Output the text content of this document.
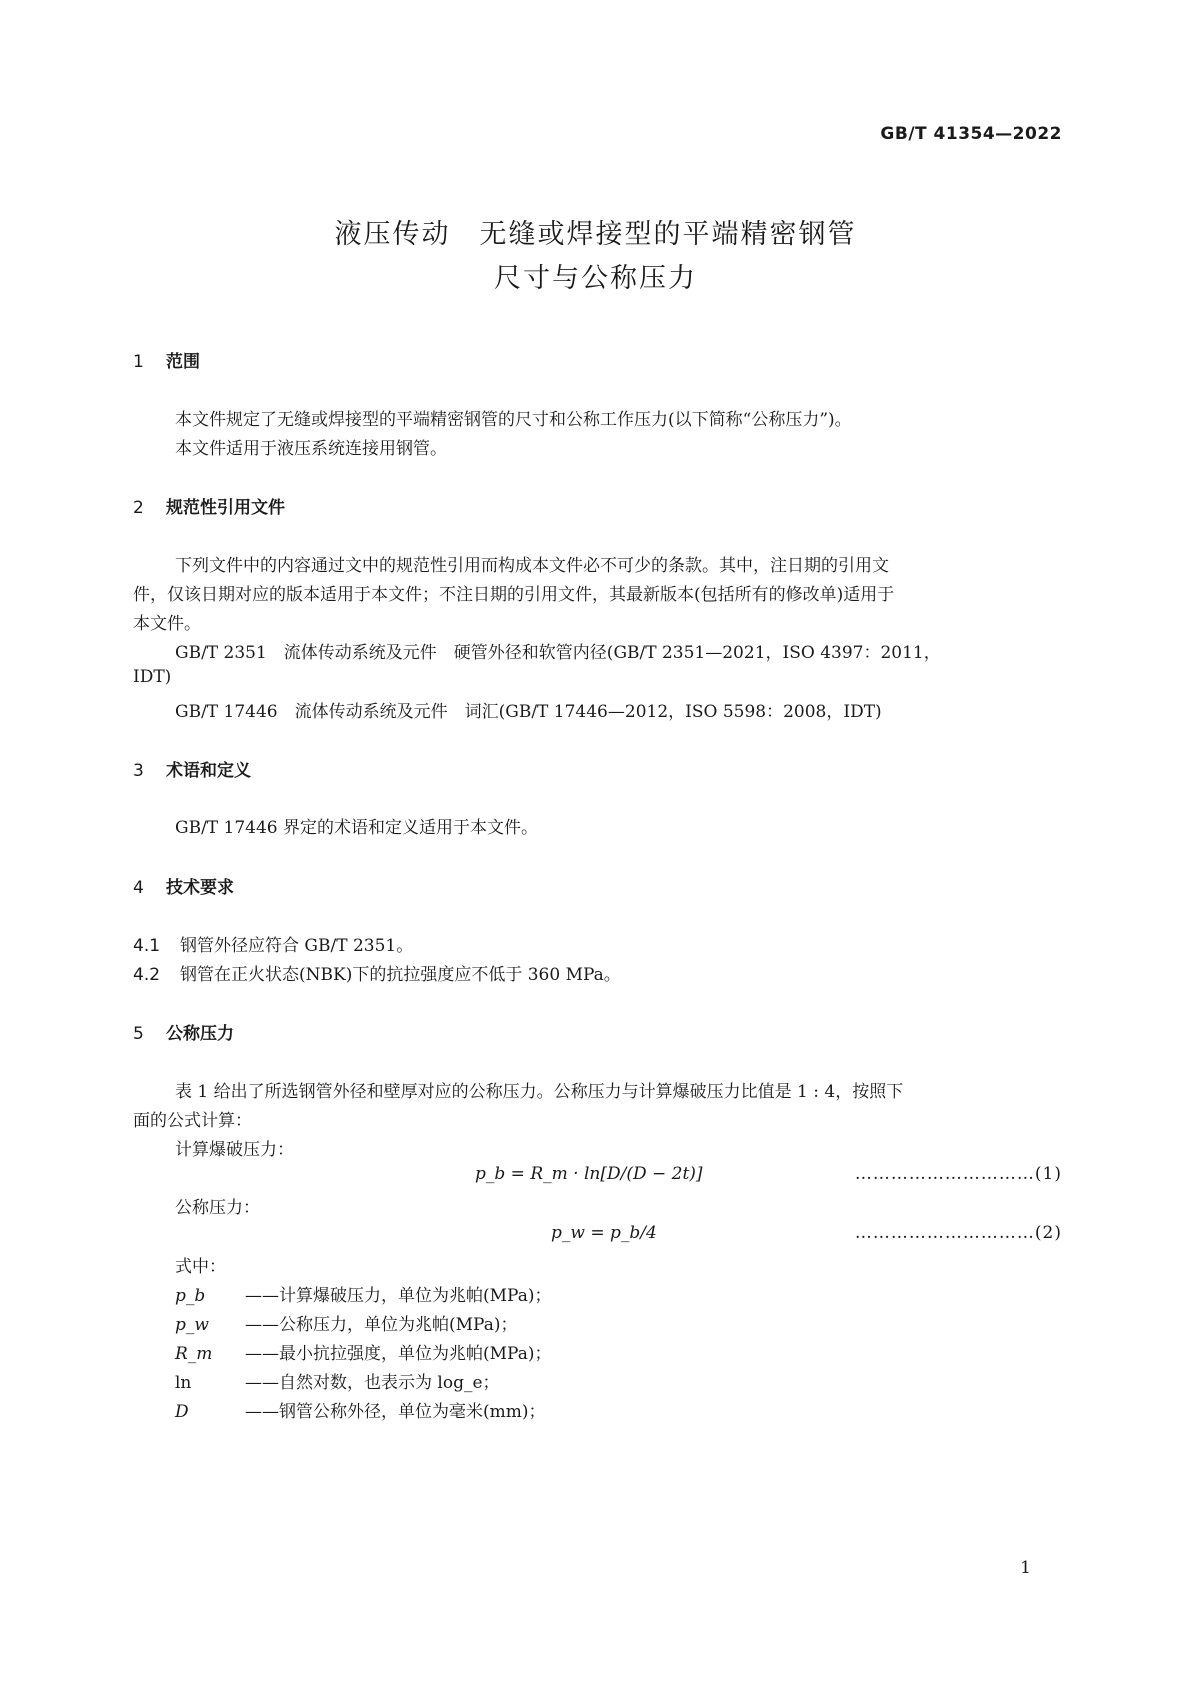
GB/T 41354—2022
液压传动　无缝或焊接型的平端精密钢管
尺寸与公称压力
1 范围
本文件规定了无缝或焊接型的平端精密钢管的尺寸和公称工作压力(以下简称“公称压力”)。
本文件适用于液压系统连接用钢管。
2 规范性引用文件
下列文件中的内容通过文中的规范性引用而构成本文件必不可少的条款。其中，注日期的引用文
件，仅该日期对应的版本适用于本文件；不注日期的引用文件，其最新版本(包括所有的修改单)适用于
本文件。
GB/T 2351　流体传动系统及元件　硬管外径和软管内径(GB/T 2351—2021，ISO 4397：2011，
IDT)
GB/T 17446　流体传动系统及元件　词汇(GB/T 17446—2012，ISO 5598：2008，IDT)
3 术语和定义
GB/T 17446 界定的术语和定义适用于本文件。
4 技术要求
4.1 钢管外径应符合 GB/T 2351。
4.2 钢管在正火状态(NBK)下的抗拉强度应不低于 360 MPa。
5 公称压力
表 1 给出了所选钢管外径和壁厚对应的公称压力。公称压力与计算爆破压力比值是 1 : 4，按照下
面的公式计算：
计算爆破压力：
p_b = R_m · ln[D/(D − 2t)]	…………………………(1)
公称压力：
p_w = p_b/4	…………………………(2)
式中：
p_b ——计算爆破压力，单位为兆帕(MPa)；
p_w ——公称压力，单位为兆帕(MPa)；
R_m ——最小抗拉强度，单位为兆帕(MPa)；
ln	——自然对数，也表示为 log_e；
D	——钢管公称外径，单位为毫米(mm)；
1
